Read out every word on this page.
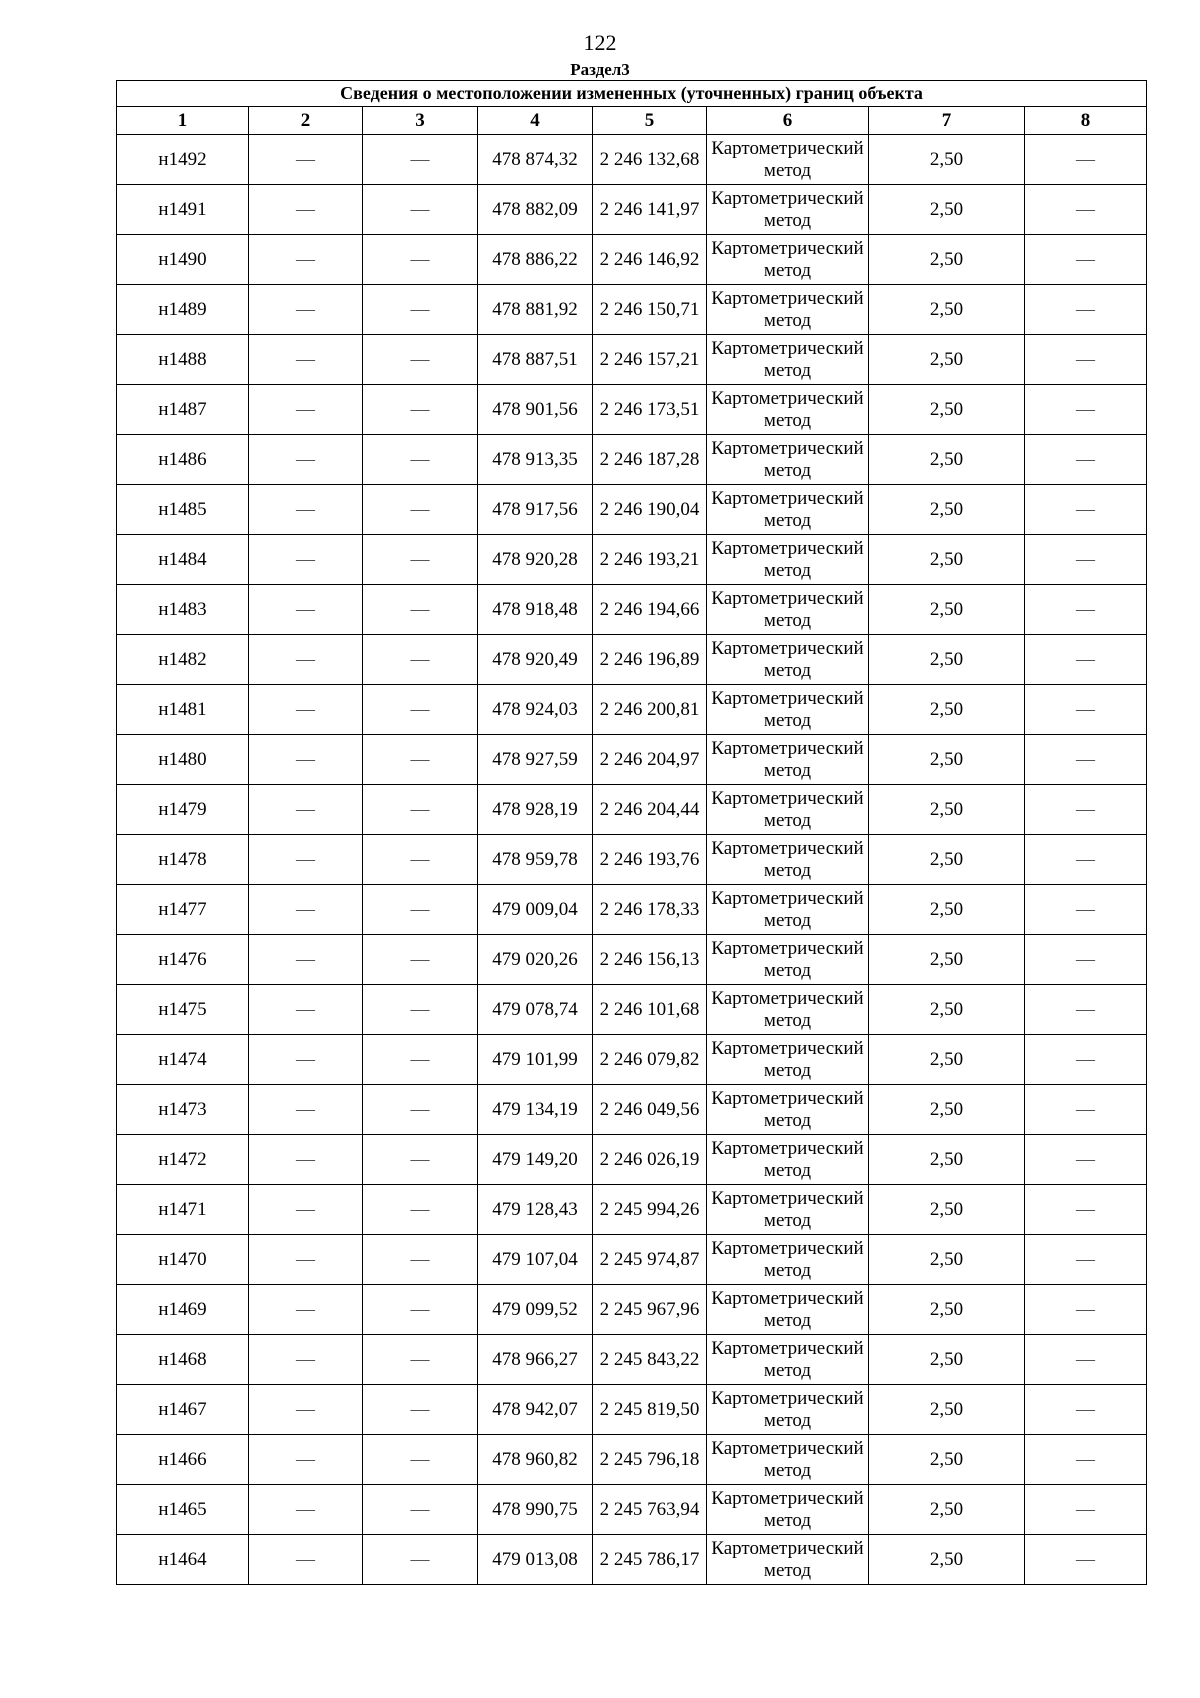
122
Раздел3
Сведения о местоположении измененных (уточненных) границ объекта							
1	2	3	4	5	6	7	8
н1492	—	—	478 874,32	2 246 132,68	Картометрический метод	2,50	—
н1491	—	—	478 882,09	2 246 141,97	Картометрический метод	2,50	—
н1490	—	—	478 886,22	2 246 146,92	Картометрический метод	2,50	—
н1489	—	—	478 881,92	2 246 150,71	Картометрический метод	2,50	—
н1488	—	—	478 887,51	2 246 157,21	Картометрический метод	2,50	—
н1487	—	—	478 901,56	2 246 173,51	Картометрический метод	2,50	—
н1486	—	—	478 913,35	2 246 187,28	Картометрический метод	2,50	—
н1485	—	—	478 917,56	2 246 190,04	Картометрический метод	2,50	—
н1484	—	—	478 920,28	2 246 193,21	Картометрический метод	2,50	—
н1483	—	—	478 918,48	2 246 194,66	Картометрический метод	2,50	—
н1482	—	—	478 920,49	2 246 196,89	Картометрический метод	2,50	—
н1481	—	—	478 924,03	2 246 200,81	Картометрический метод	2,50	—
н1480	—	—	478 927,59	2 246 204,97	Картометрический метод	2,50	—
н1479	—	—	478 928,19	2 246 204,44	Картометрический метод	2,50	—
н1478	—	—	478 959,78	2 246 193,76	Картометрический метод	2,50	—
н1477	—	—	479 009,04	2 246 178,33	Картометрический метод	2,50	—
н1476	—	—	479 020,26	2 246 156,13	Картометрический метод	2,50	—
н1475	—	—	479 078,74	2 246 101,68	Картометрический метод	2,50	—
н1474	—	—	479 101,99	2 246 079,82	Картометрический метод	2,50	—
н1473	—	—	479 134,19	2 246 049,56	Картометрический метод	2,50	—
н1472	—	—	479 149,20	2 246 026,19	Картометрический метод	2,50	—
н1471	—	—	479 128,43	2 245 994,26	Картометрический метод	2,50	—
н1470	—	—	479 107,04	2 245 974,87	Картометрический метод	2,50	—
н1469	—	—	479 099,52	2 245 967,96	Картометрический метод	2,50	—
н1468	—	—	478 966,27	2 245 843,22	Картометрический метод	2,50	—
н1467	—	—	478 942,07	2 245 819,50	Картометрический метод	2,50	—
н1466	—	—	478 960,82	2 245 796,18	Картометрический метод	2,50	—
н1465	—	—	478 990,75	2 245 763,94	Картометрический метод	2,50	—
н1464	—	—	479 013,08	2 245 786,17	Картометрический метод	2,50	—
